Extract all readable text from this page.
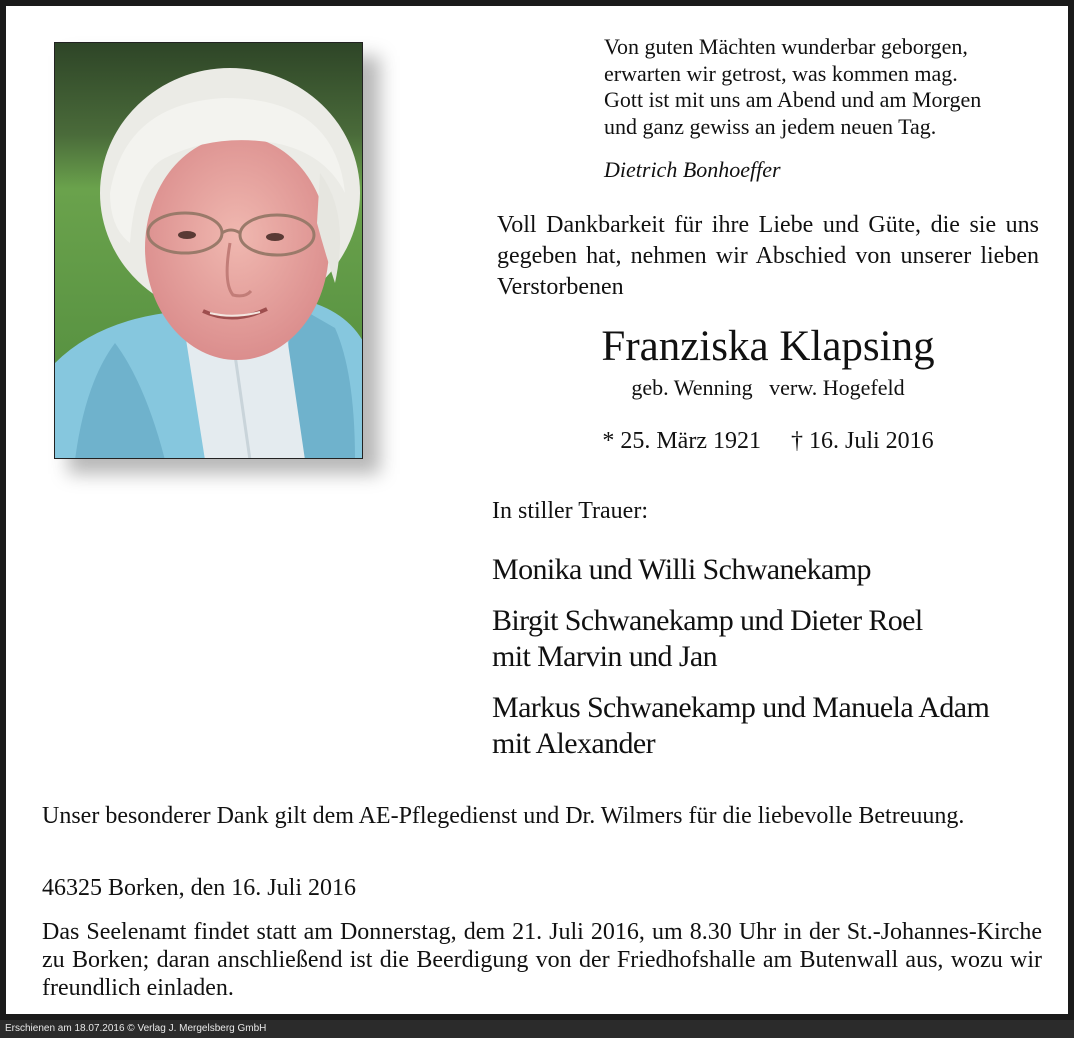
Von guten Mächten wunderbar geborgen,
erwarten wir getrost, was kommen mag.
Gott ist mit uns am Abend und am Morgen
und ganz gewiss an jedem neuen Tag.
Dietrich Bonhoeffer
Voll Dankbarkeit für ihre Liebe und Güte, die sie uns gegeben hat, nehmen wir Abschied von unserer lieben Verstorbenen
Franziska Klapsing
geb. Wenning   verw. Hogefeld
* 25. März 1921     † 16. Juli 2016
In stiller Trauer:
Monika und Willi Schwanekamp
Birgit Schwanekamp und Dieter Roel
mit Marvin und Jan
Markus Schwanekamp und Manuela Adam
mit Alexander
Unser besonderer Dank gilt dem AE-Pflegedienst und Dr. Wilmers für die liebevolle Betreuung.
46325 Borken, den 16. Juli 2016
Das Seelenamt findet statt am Donnerstag, dem 21. Juli 2016, um 8.30 Uhr in der St.-Johannes-Kirche zu Borken; daran anschließend ist die Beerdigung von der Friedhofshalle am Butenwall aus, wozu wir freundlich einladen.
Erschienen am 18.07.2016 © Verlag J. Mergelsberg GmbH
